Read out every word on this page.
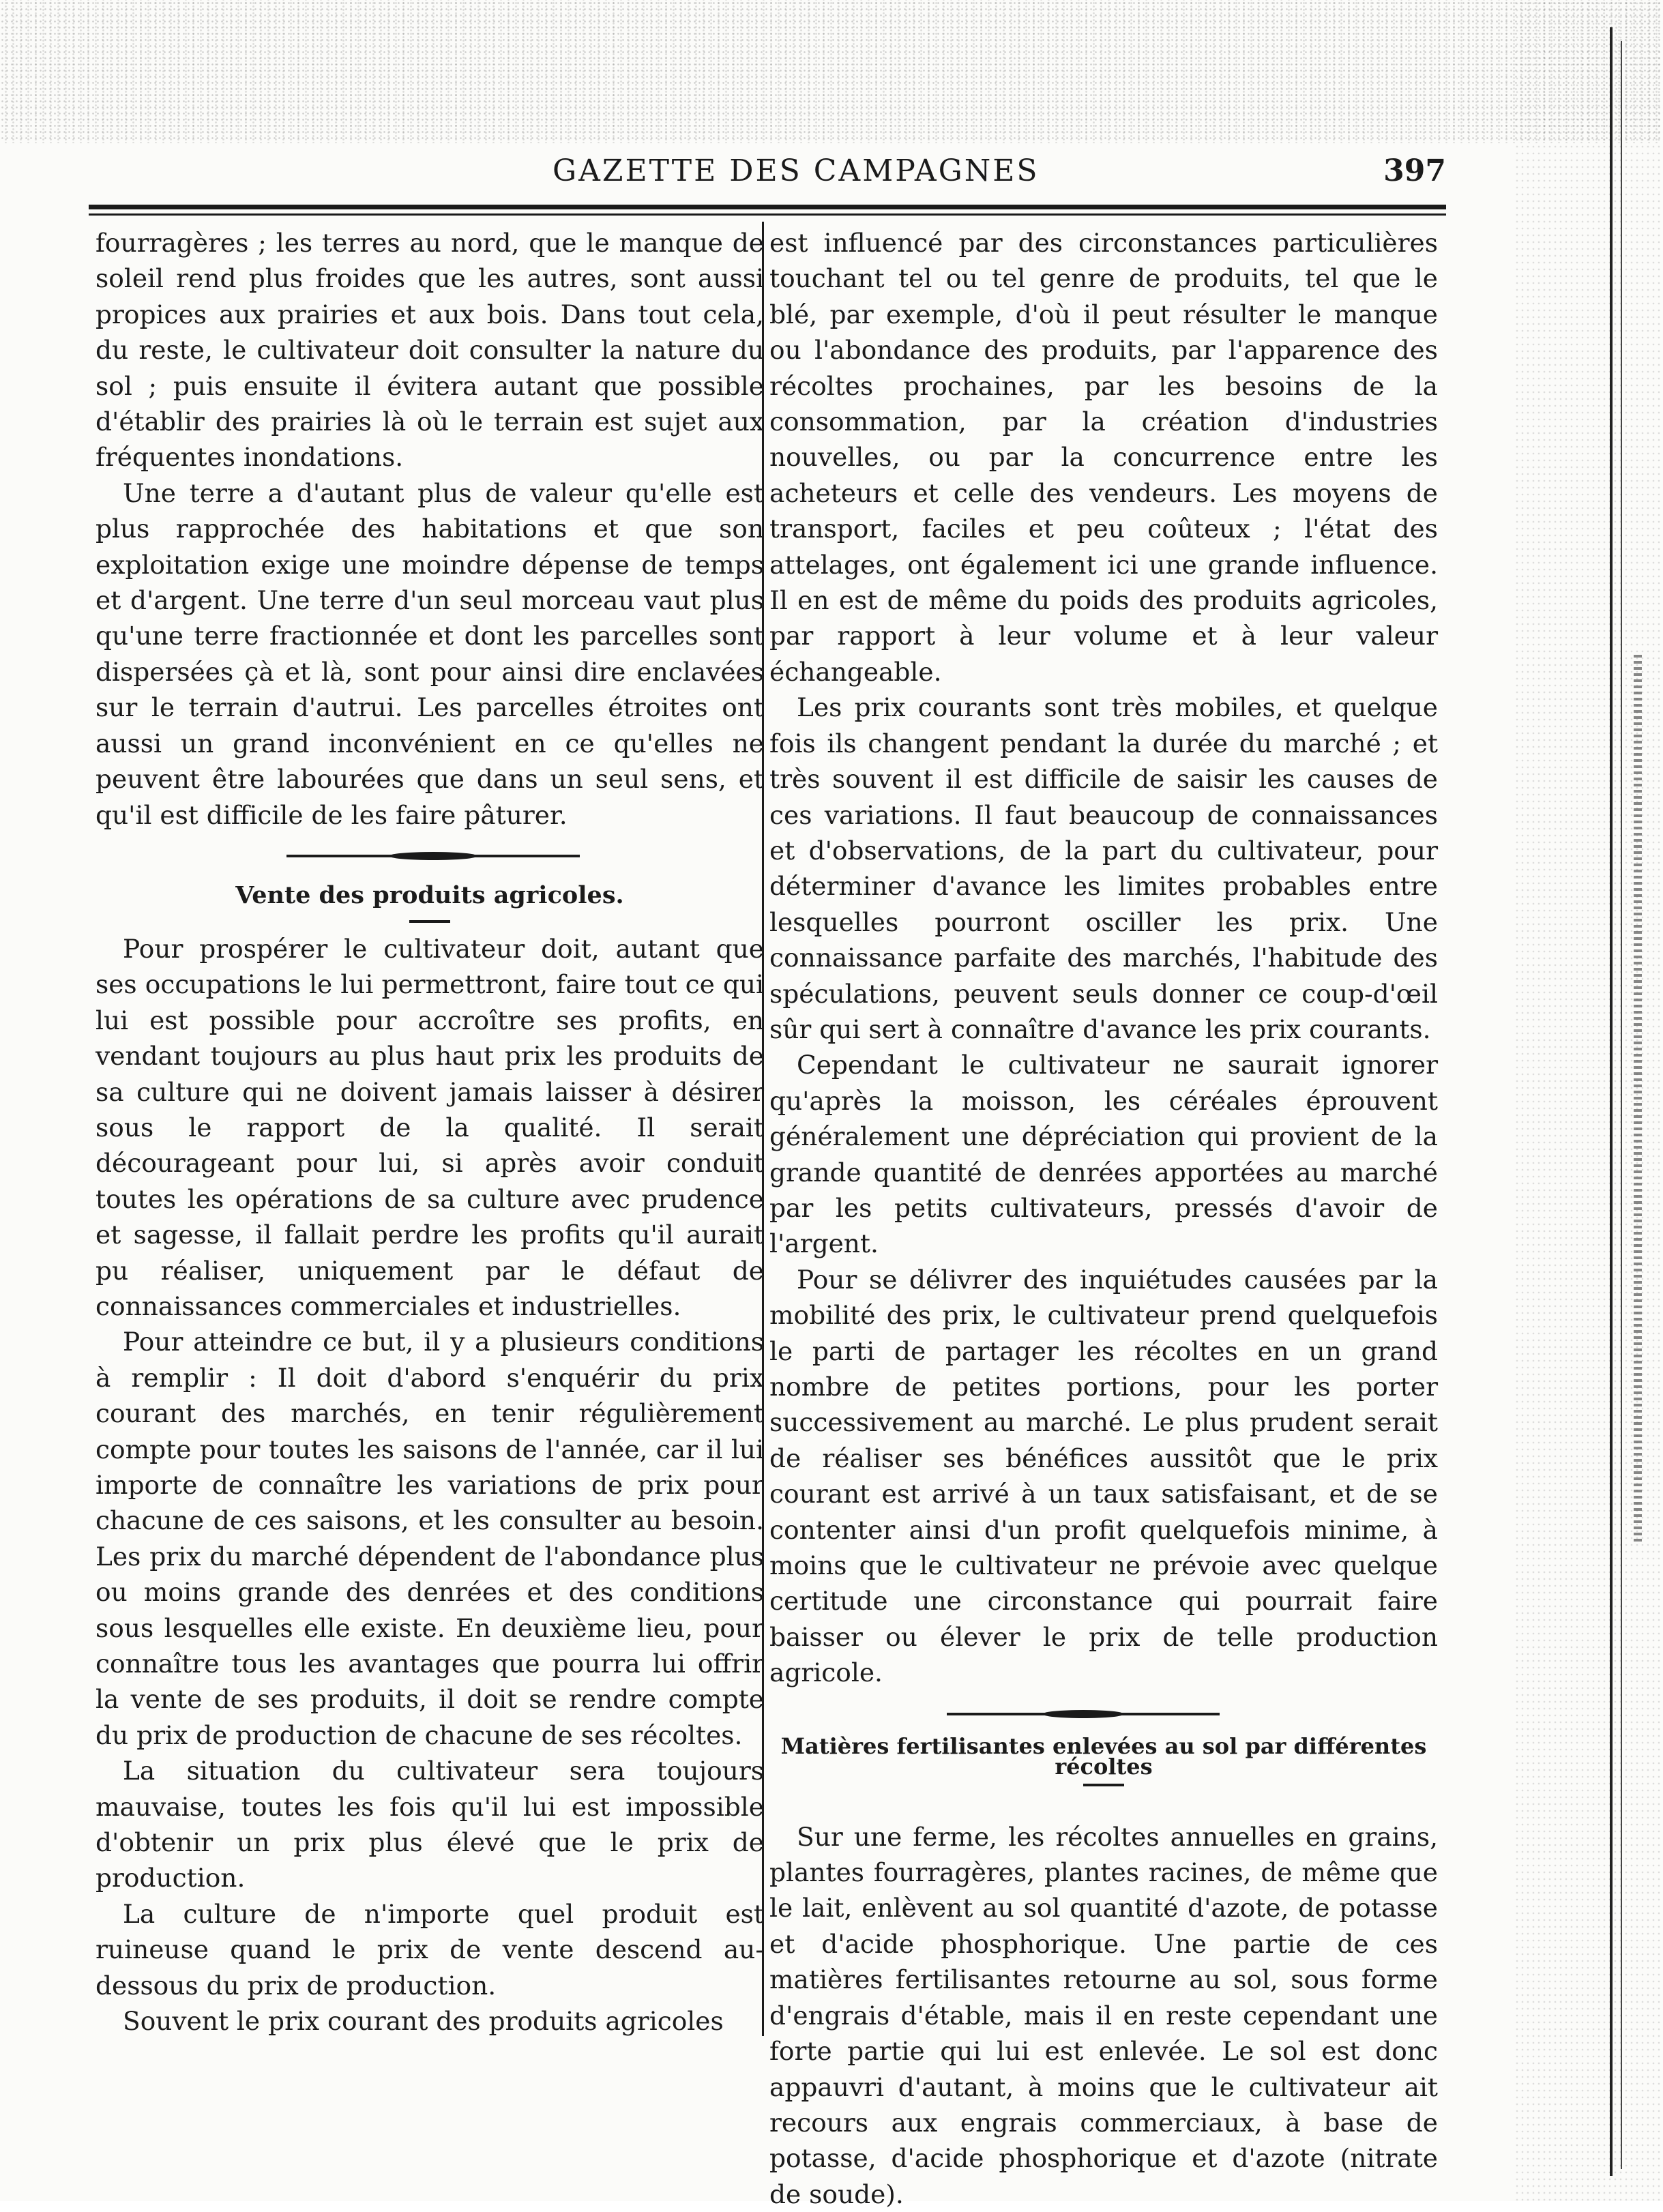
GAZETTE DES CAMPAGNES	397

fourragères ; les terres au nord, que le manque de soleil rend plus froides que les autres, sont aussi propices aux prairies et aux bois. Dans tout cela, du reste, le cultivateur doit consulter la nature du sol ; puis ensuite il évitera autant que possible d'établir des prairies là où le terrain est sujet aux fréquentes inondations.

Une terre a d'autant plus de valeur qu'elle est plus rapprochée des habitations et que son exploitation exige une moindre dépense de temps et d'argent. Une terre d'un seul morceau vaut plus qu'une terre fractionnée et dont les parcelles sont dispersées çà et là, sont pour ainsi dire enclavées sur le terrain d'autrui. Les parcelles étroites ont aussi un grand inconvénient en ce qu'elles ne peuvent être labourées que dans un seul sens, et qu'il est difficile de les faire pâturer.

Vente des produits agricoles.

Pour prospérer le cultivateur doit, autant que ses occupations le lui permettront, faire tout ce qui lui est possible pour accroître ses profits, en vendant toujours au plus haut prix les produits de sa culture qui ne doivent jamais laisser à désirer sous le rapport de la qualité. Il serait décourageant pour lui, si après avoir conduit toutes les opérations de sa culture avec prudence et sagesse, il fallait perdre les profits qu'il aurait pu réaliser, uniquement par le défaut de connaissances commerciales et industrielles.

Pour atteindre ce but, il y a plusieurs conditions à remplir : Il doit d'abord s'enquérir du prix courant des marchés, en tenir régulièrement compte pour toutes les saisons de l'année, car il lui importe de connaître les variations de prix pour chacune de ces saisons, et les consulter au besoin. Les prix du marché dépendent de l'abondance plus ou moins grande des denrées et des conditions sous lesquelles elle existe. En deuxième lieu, pour connaître tous les avantages que pourra lui offrir la vente de ses produits, il doit se rendre compte du prix de production de chacune de ses récoltes.

La situation du cultivateur sera toujours mauvaise, toutes les fois qu'il lui est impossible d'obtenir un prix plus élevé que le prix de production.

La culture de n'importe quel produit est ruineuse quand le prix de vente descend au-dessous du prix de production.

Souvent le prix courant des produits agricoles

est influencé par des circonstances particulières touchant tel ou tel genre de produits, tel que le blé, par exemple, d'où il peut résulter le manque ou l'abondance des produits, par l'apparence des récoltes prochaines, par les besoins de la consommation, par la création d'industries nouvelles, ou par la concurrence entre les acheteurs et celle des vendeurs. Les moyens de transport, faciles et peu coûteux ; l'état des attelages, ont également ici une grande influence. Il en est de même du poids des produits agricoles, par rapport à leur volume et à leur valeur échangeable.

Les prix courants sont très mobiles, et quelque fois ils changent pendant la durée du marché ; et très souvent il est difficile de saisir les causes de ces variations. Il faut beaucoup de connaissances et d'observations, de la part du cultivateur, pour déterminer d'avance les limites probables entre lesquelles pourront osciller les prix. Une connaissance parfaite des marchés, l'habitude des spéculations, peuvent seuls donner ce coup-d'œil sûr qui sert à connaître d'avance les prix courants.

Cependant le cultivateur ne saurait ignorer qu'après la moisson, les céréales éprouvent généralement une dépréciation qui provient de la grande quantité de denrées apportées au marché par les petits cultivateurs, pressés d'avoir de l'argent.

Pour se délivrer des inquiétudes causées par la mobilité des prix, le cultivateur prend quelquefois le parti de partager les récoltes en un grand nombre de petites portions, pour les porter successivement au marché. Le plus prudent serait de réaliser ses bénéfices aussitôt que le prix courant est arrivé à un taux satisfaisant, et de se contenter ainsi d'un profit quelquefois minime, à moins que le cultivateur ne prévoie avec quelque certitude une circonstance qui pourrait faire baisser ou élever le prix de telle production agricole.

Matières fertilisantes enlevées au sol par différentes

récoltes

Sur une ferme, les récoltes annuelles en grains, plantes fourragères, plantes racines, de même que le lait, enlèvent au sol quantité d'azote, de potasse et d'acide phosphorique. Une partie de ces matières fertilisantes retourne au sol, sous forme d'engrais d'étable, mais il en reste cependant une forte partie qui lui est enlevée. Le sol est donc appauvri d'autant, à moins que le cultivateur ait recours aux engrais commerciaux, à base de potasse, d'acide phosphorique et d'azote (nitrate de soude).
